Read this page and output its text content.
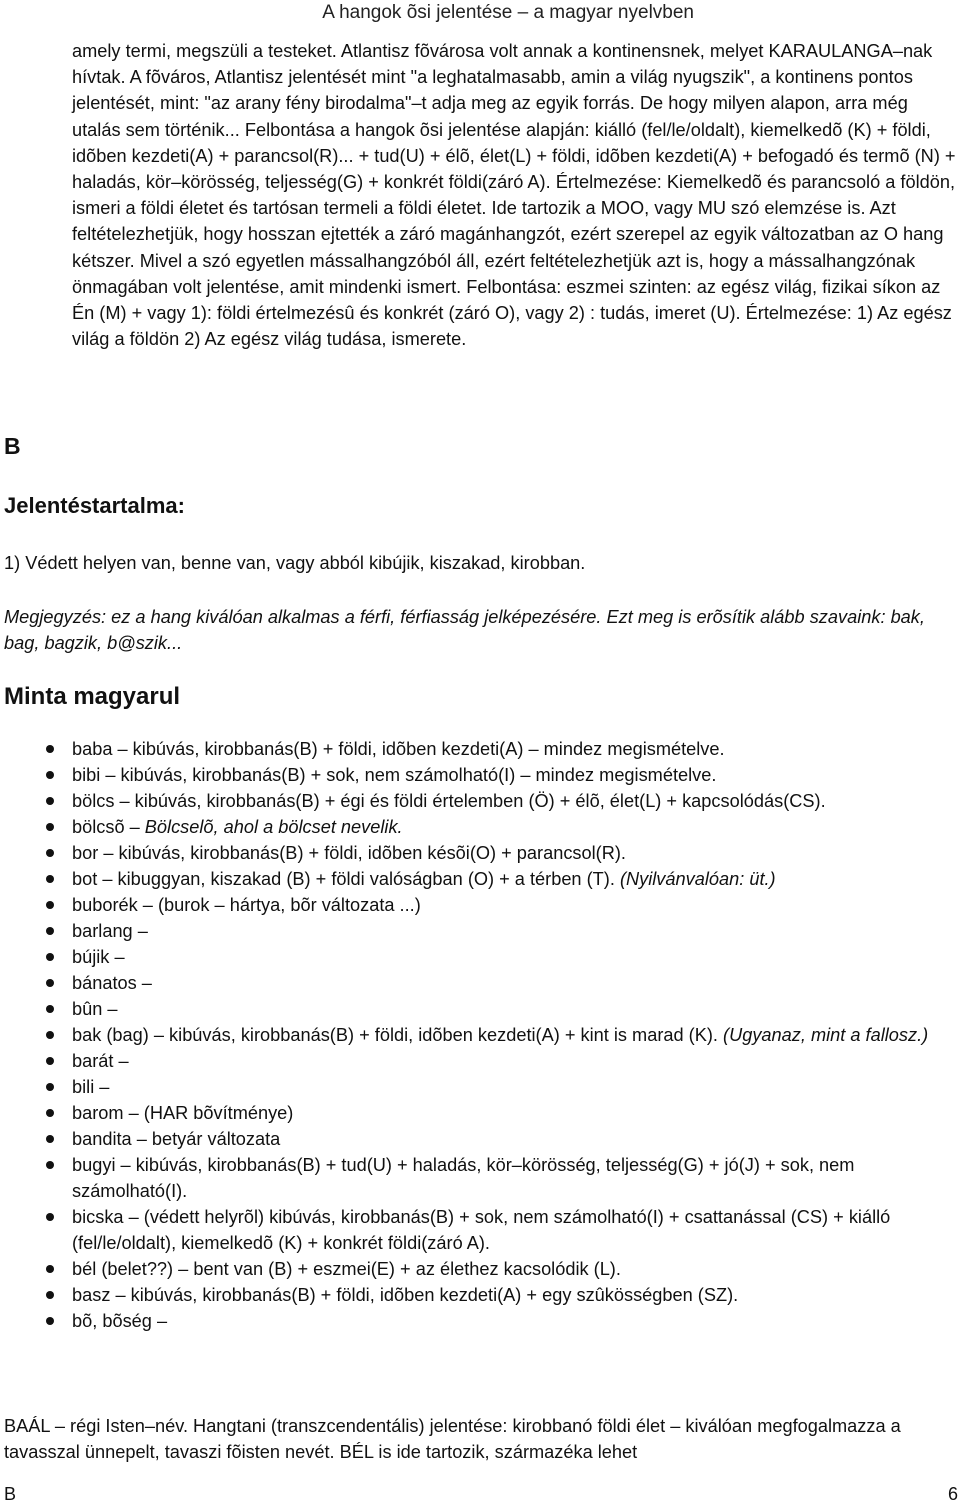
A hangok õsi jelentése – a magyar nyelvben

amely termi, megszüli a testeket. Atlantisz fõvárosa volt annak a kontinensnek, melyet KARAULANGA–nak hívtak. A fõváros, Atlantisz jelentését mint "a leghatalmasabb, amin a világ nyugszik", a kontinens pontos jelentését, mint: "az arany fény birodalma"–t adja meg az egyik forrás. De hogy milyen alapon, arra még utalás sem történik... Felbontása a hangok õsi jelentése alapján: kiálló (fel/le/oldalt), kiemelkedõ (K) + földi, idõben kezdeti(A) + parancsol(R)... + tud(U) + élõ, élet(L) + földi, idõben kezdeti(A) + befogadó és termõ (N) + haladás, kör–körösség, teljesség(G) + konkrét földi(záró A). Értelmezése: Kiemelkedõ és parancsoló a földön, ismeri a földi életet és tartósan termeli a földi életet. Ide tartozik a MOO, vagy MU szó elemzése is. Azt feltételezhetjük, hogy hosszan ejtették a záró magánhangzót, ezért szerepel az egyik változatban az O hang kétszer. Mivel a szó egyetlen mássalhangzóból áll, ezért feltételezhetjük azt is, hogy a mássalhangzónak önmagában volt jelentése, amit mindenki ismert. Felbontása: eszmei szinten: az egész világ, fizikai síkon az Én (M) + vagy 1): földi értelmezésû és konkrét (záró O), vagy 2) : tudás, imeret (U). Értelmezése: 1) Az egész világ a földön 2) Az egész világ tudása, ismerete.

B
Jelentéstartalma:

1) Védett helyen van, benne van, vagy abból kibújik, kiszakad, kirobban.

Megjegyzés: ez a hang kiválóan alkalmas a férfi, férfiasság jelképezésére. Ezt meg is erõsítik alább szavaink: bak, bag, bagzik, b@szik...

Minta magyarul
baba – kibúvás, kirobbanás(B) + földi, idõben kezdeti(A) – mindez megismételve.
bibi – kibúvás, kirobbanás(B) + sok, nem számolható(I) – mindez megismételve.
bölcs – kibúvás, kirobbanás(B) + égi és földi értelemben (Ö) + élõ, élet(L) + kapcsolódás(CS).
bölcsõ – Bölcselõ, ahol a bölcset nevelik.
bor – kibúvás, kirobbanás(B) + földi, idõben késõi(O) + parancsol(R).
bot – kibuggyan, kiszakad (B) + földi valóságban (O) + a térben (T). (Nyilvánvalóan: üt.)
buborék – (burok – hártya, bõr változata ...)
barlang –
bújik –
bánatos –
bûn –
bak (bag) – kibúvás, kirobbanás(B) + földi, idõben kezdeti(A) + kint is marad (K). (Ugyanaz, mint a fallosz.)
barát –
bili –
barom – (HAR bõvítménye)
bandita – betyár változata
bugyi – kibúvás, kirobbanás(B) + tud(U) + haladás, kör–körösség, teljesség(G) + jó(J) + sok, nem számolható(I).
bicska – (védett helyrõl) kibúvás, kirobbanás(B) + sok, nem számolható(I) + csattanással (CS) + kiálló (fel/le/oldalt), kiemelkedõ (K) + konkrét földi(záró A).
bél (belet??) – bent van (B) + eszmei(E) + az élethez kacsolódik (L).
basz – kibúvás, kirobbanás(B) + földi, idõben kezdeti(A) + egy szûkösségben (SZ).
bõ, bõség –

BAÁL – régi Isten–név. Hangtani (transzcendentális) jelentése: kirobbanó földi élet – kiválóan megfogalmazza a tavasszal ünnepelt, tavaszi fõisten nevét. BÉL is ide tartozik, származéka lehet

B	6
